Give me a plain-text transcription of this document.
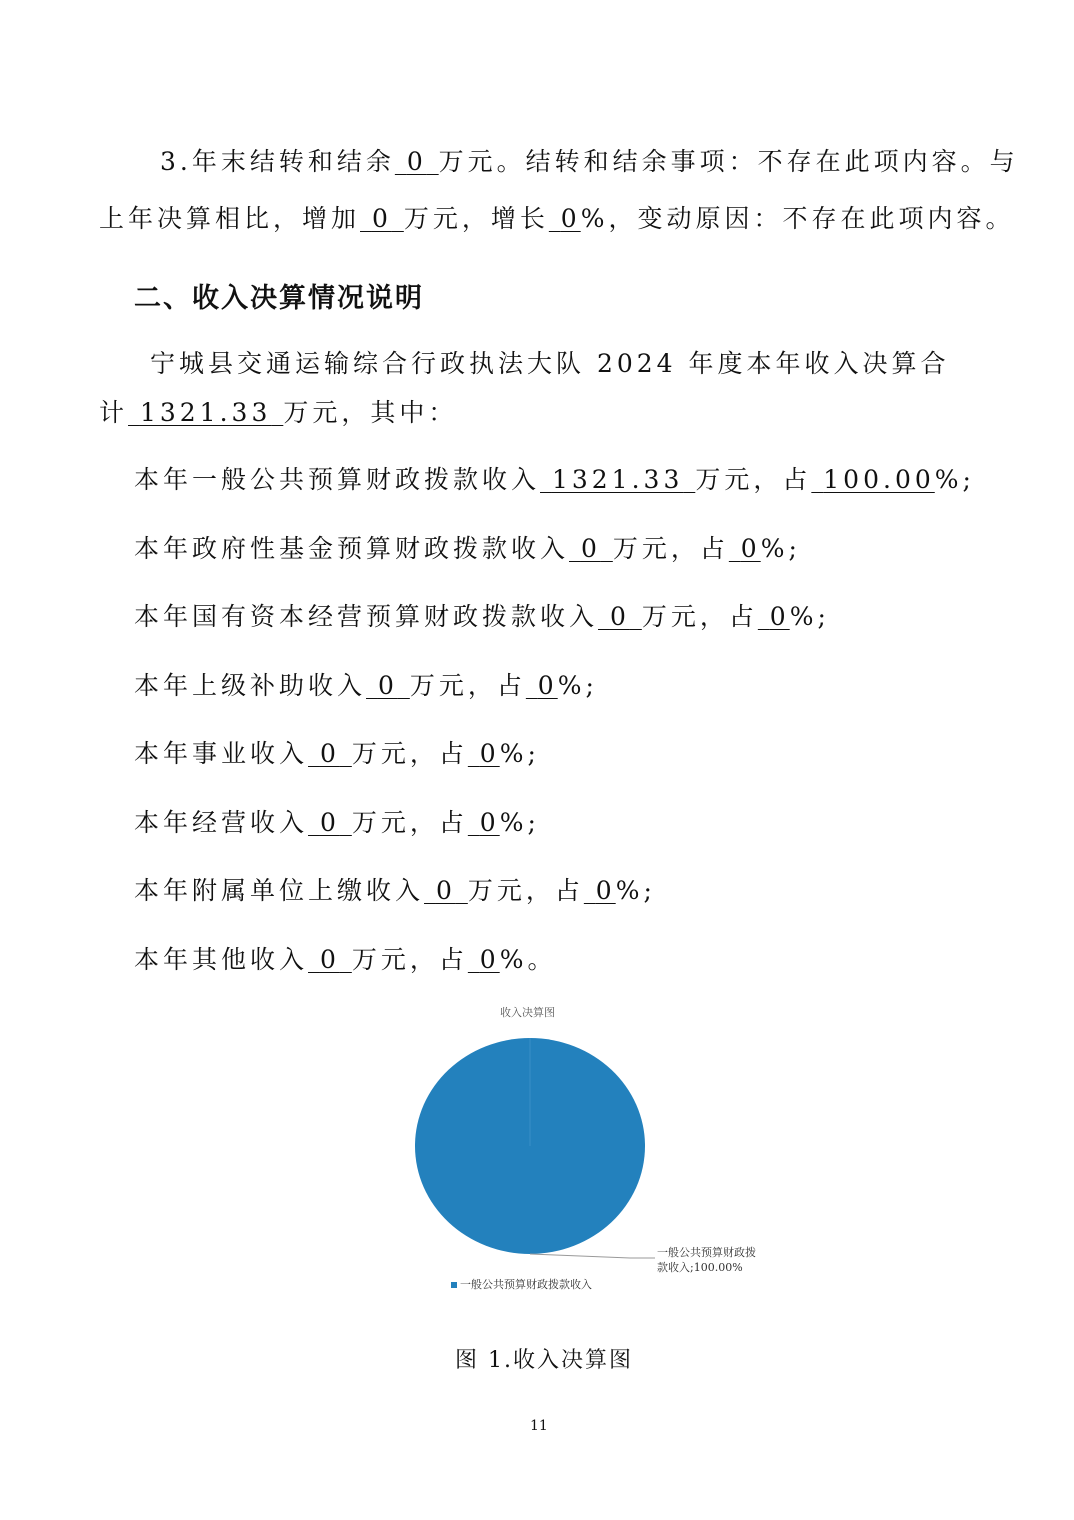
3.年末结转和结余 0 万元。结转和结余事项：不存在此项内容。与
上年决算相比，增加 0 万元，增长 0%，变动原因：不存在此项内容。
二、收入决算情况说明
宁城县交通运输综合行政执法大队 2024 年度本年收入决算合
计 1321.33 万元，其中：
本年一般公共预算财政拨款收入 1321.33 万元，占 100.00%;
本年政府性基金预算财政拨款收入 0 万元，占 0%;
本年国有资本经营预算财政拨款收入 0 万元，占 0%;
本年上级补助收入 0 万元，占 0%;
本年事业收入 0 万元，占 0%;
本年经营收入 0 万元，占 0%;
本年附属单位上缴收入 0 万元，占 0%;
本年其他收入 0 万元，占 0%。
收入决算图
一般公共预算财政拨
款收入;100.00%
一般公共预算财政拨款收入
图 1.收入决算图
11
